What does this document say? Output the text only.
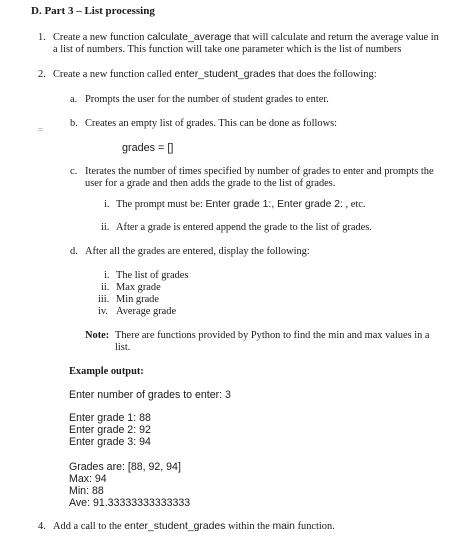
D. Part 3 – List processing
1. Create a new function calculate_average that will calculate and return the average value in
a list of numbers. This function will take one parameter which is the list of numbers
2. Create a new function called enter_student_grades that does the following:
a. Prompts the user for the number of student grades to enter.
b. Creates an empty list of grades. This can be done as follows:
=
grades = []
c. Iterates the number of times specified by number of grades to enter and prompts the
user for a grade and then adds the grade to the list of grades.
i. The prompt must be: Enter grade 1:, Enter grade 2: , etc.
ii. After a grade is entered append the grade to the list of grades.
d. After all the grades are entered, display the following:
i. The list of grades
ii. Max grade
iii. Min grade
iv. Average grade
Note: There are functions provided by Python to find the min and max values in a
list.
Example output:
Enter number of grades to enter: 3
Enter grade 1: 88
Enter grade 2: 92
Enter grade 3: 94
Grades are: [88, 92, 94]
Max: 94
Min: 88
Ave: 91.33333333333333
4. Add a call to the enter_student_grades within the main function.
